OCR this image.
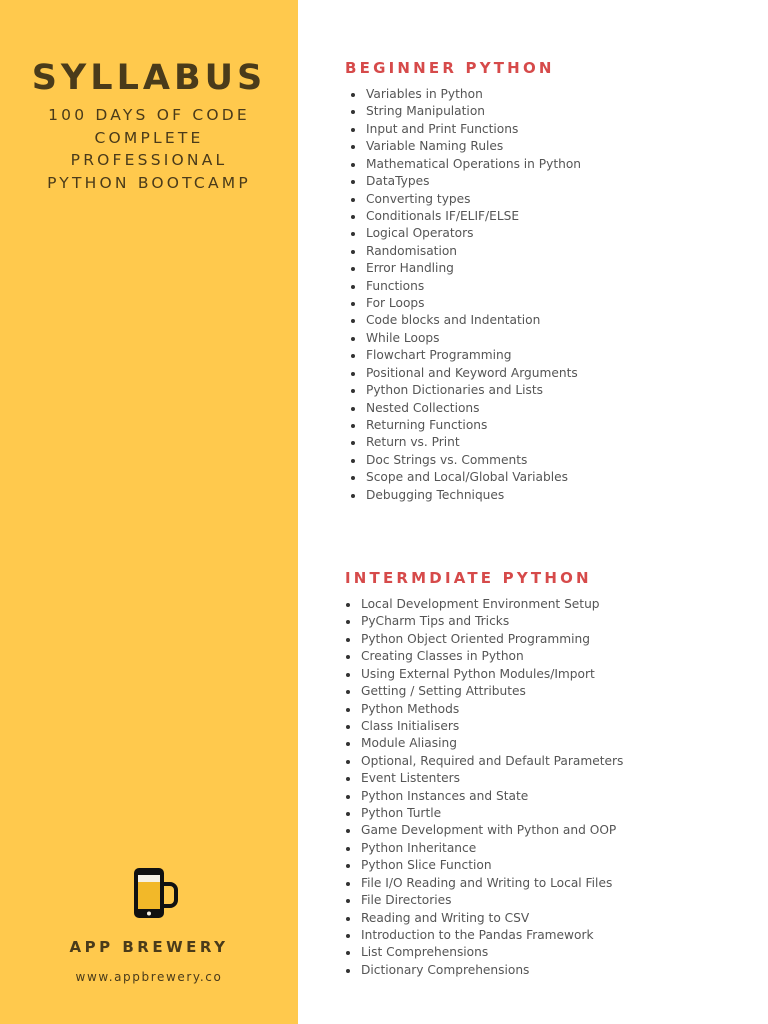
SYLLABUS
100 DAYS OF CODE
COMPLETE
PROFESSIONAL
PYTHON BOOTCAMP
APP BREWERY
www.appbrewery.co
BEGINNER PYTHON
Variables in Python
String Manipulation
Input and Print Functions
Variable Naming Rules
Mathematical Operations in Python
DataTypes
Converting types
Conditionals IF/ELIF/ELSE
Logical Operators
Randomisation
Error Handling
Functions
For Loops
Code blocks and Indentation
While Loops
Flowchart Programming
Positional and Keyword Arguments
Python Dictionaries and Lists
Nested Collections
Returning Functions
Return vs. Print
Doc Strings vs. Comments
Scope and Local/Global Variables
Debugging Techniques
INTERMDIATE PYTHON
Local Development Environment Setup
PyCharm Tips and Tricks
Python Object Oriented Programming
Creating Classes in Python
Using External Python Modules/Import
Getting / Setting Attributes
Python Methods
Class Initialisers
Module Aliasing
Optional, Required and Default Parameters
Event Listenters
Python Instances and State
Python Turtle
Game Development with Python and OOP
Python Inheritance
Python Slice Function
File I/O Reading and Writing to Local Files
File Directories
Reading and Writing to CSV
Introduction to the Pandas Framework
List Comprehensions
Dictionary Comprehensions
